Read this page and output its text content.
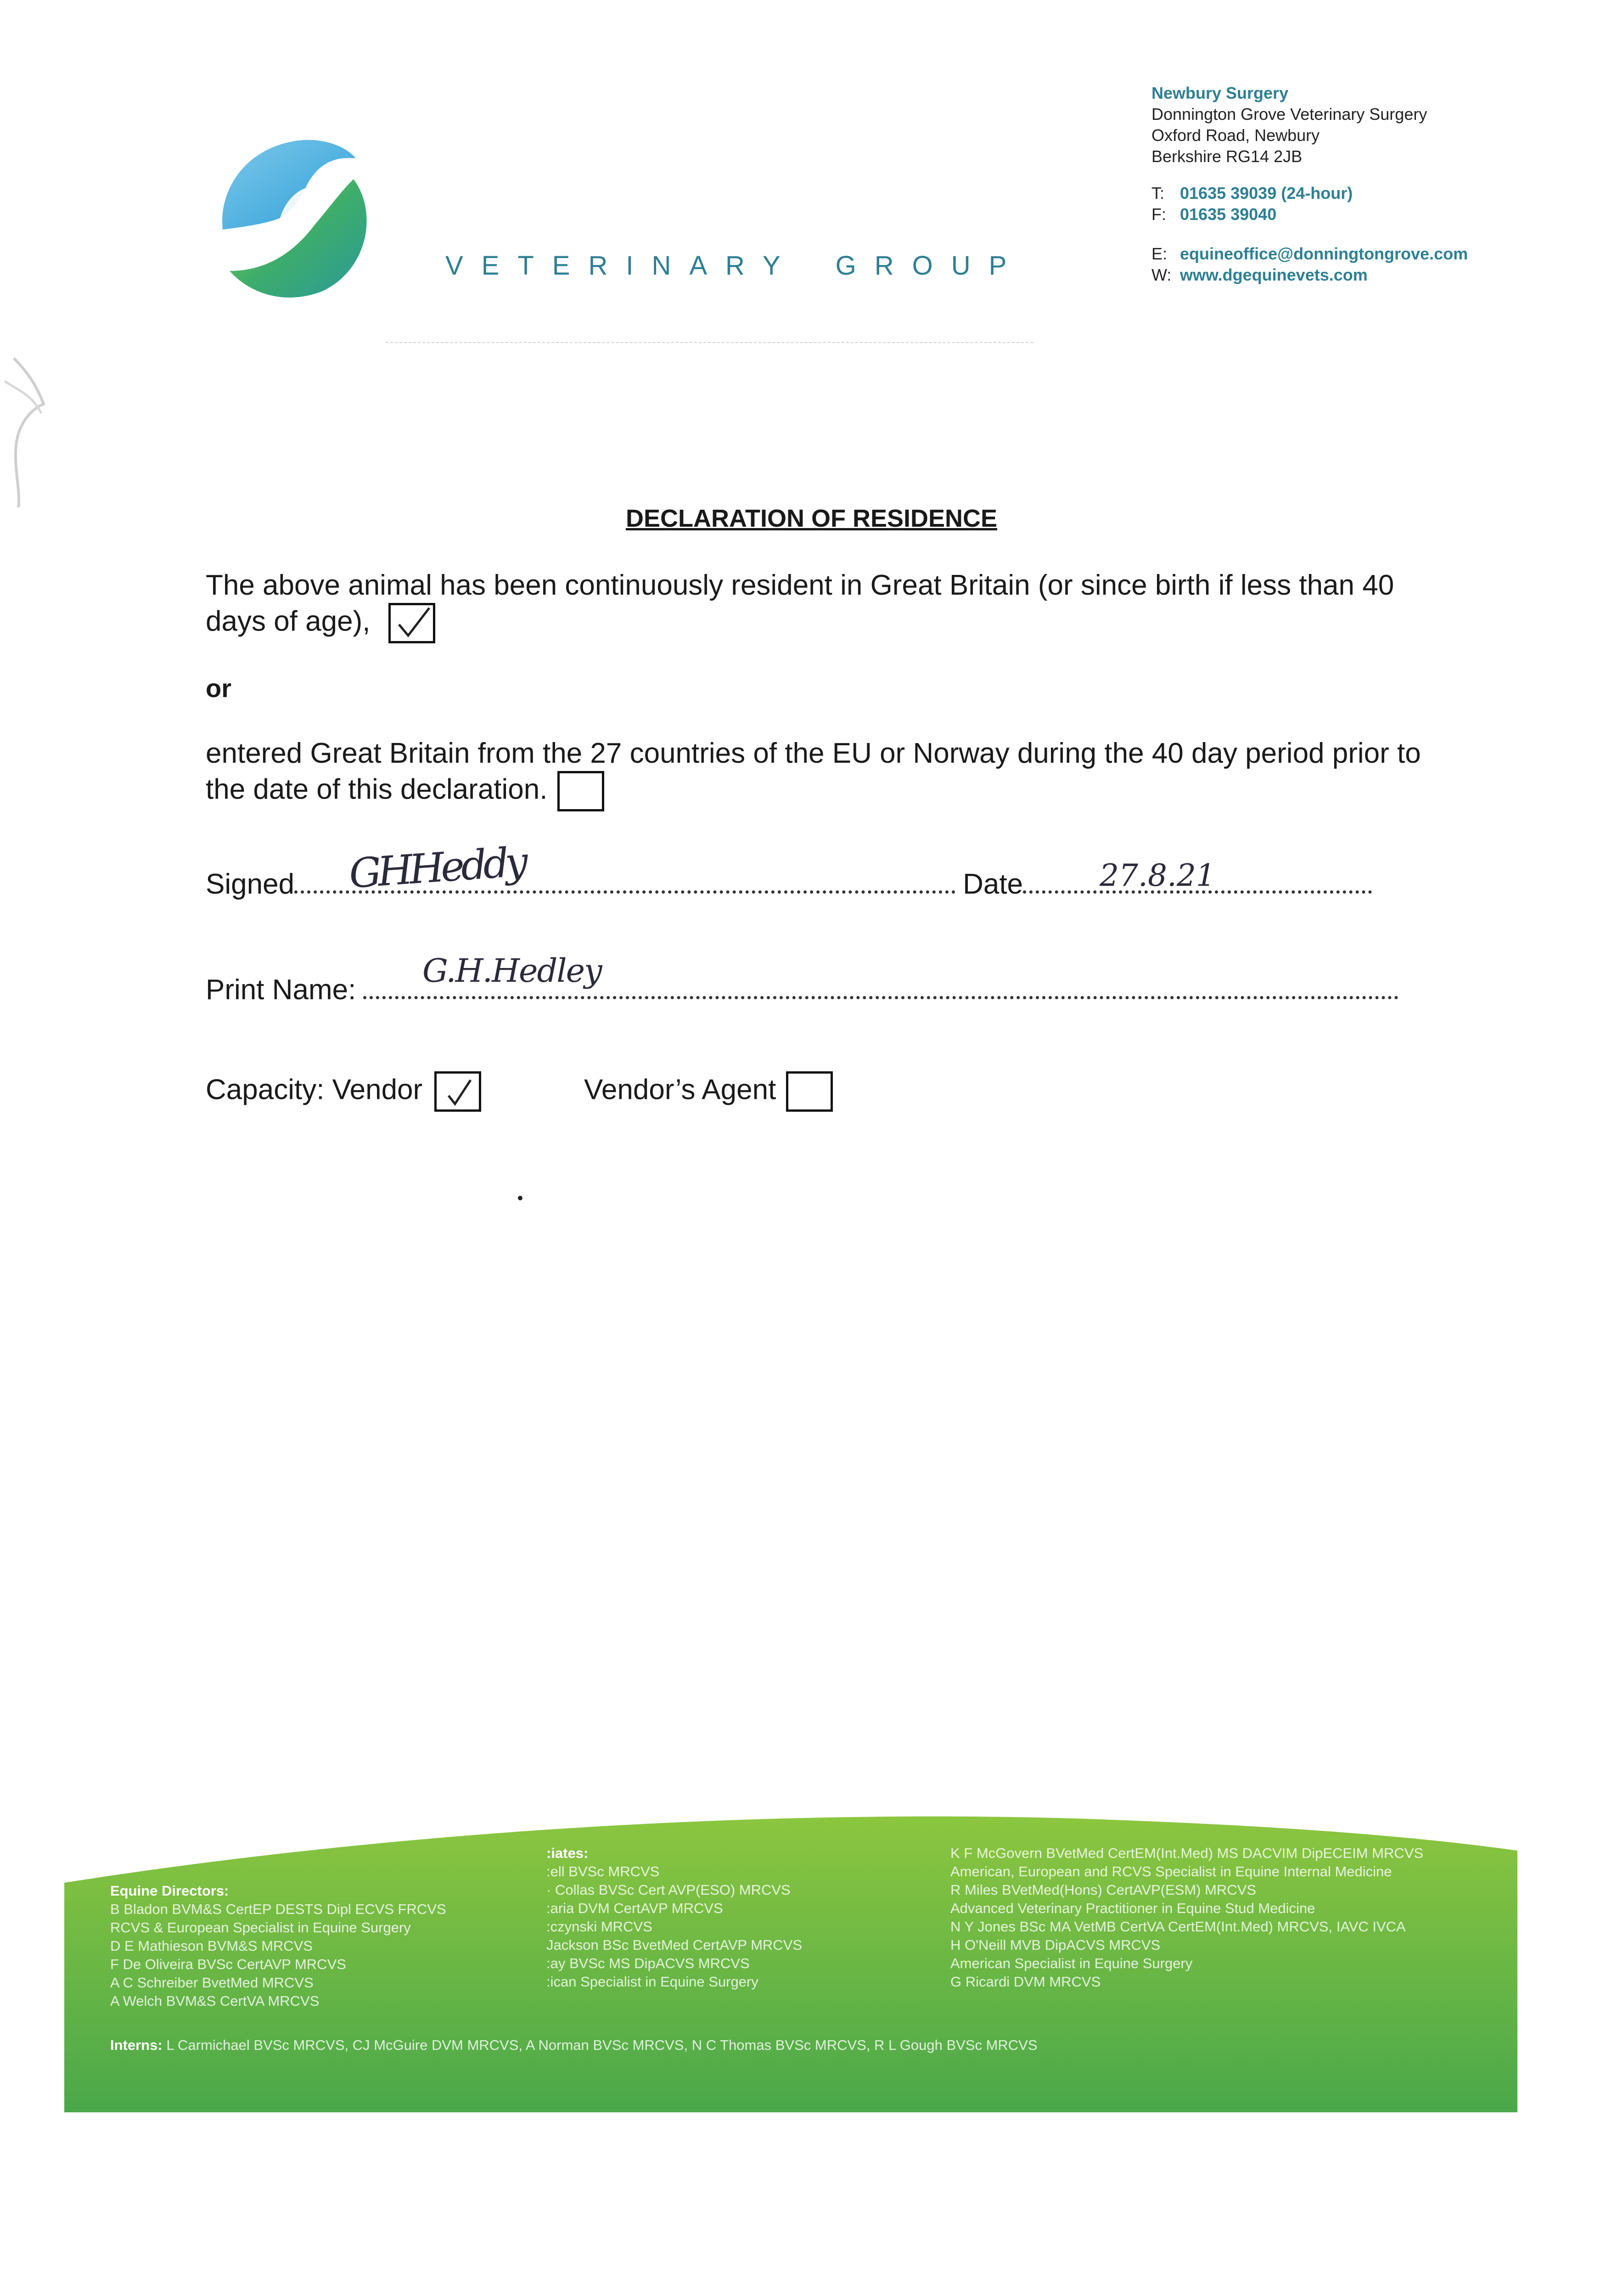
VETERINARY GROUP
Newbury Surgery
Donnington Grove Veterinary Surgery
Oxford Road, Newbury
Berkshire RG14 2JB
T: 01635 39039 (24-hour)
F: 01635 39040
E: equineoffice@donningtongrove.com
W: www.dgequinevets.com
DECLARATION OF RESIDENCE
The above animal has been continuously resident in Great Britain (or since birth if less than 40 days of age),
or
entered Great Britain from the 27 countries of the EU or Norway during the 40 day period prior to the date of this declaration.
Signed	Date
GHHeddy	27.8.21
Print Name:
G.H.Hedley
Capacity: Vendor	Vendor’s Agent
Equine Directors:
B Bladon BVM&S CertEP DESTS Dipl ECVS FRCVS
RCVS & European Specialist in Equine Surgery
D E Mathieson BVM&S MRCVS
F De Oliveira BVSc CertAVP MRCVS
A C Schreiber BvetMed MRCVS
A Welch BVM&S CertVA MRCVS
:iates:
:ell BVSc MRCVS
· Collas BVSc Cert AVP(ESO) MRCVS
:aria DVM CertAVP MRCVS
:czynski MRCVS
Jackson BSc BvetMed CertAVP MRCVS
:ay BVSc MS DipACVS MRCVS
:ican Specialist in Equine Surgery
K F McGovern BVetMed CertEM(Int.Med) MS DACVIM DipECEIM MRCVS
American, European and RCVS Specialist in Equine Internal Medicine
R Miles BVetMed(Hons) CertAVP(ESM) MRCVS
Advanced Veterinary Practitioner in Equine Stud Medicine
N Y Jones BSc MA VetMB CertVA CertEM(Int.Med) MRCVS, IAVC IVCA
H O'Neill MVB DipACVS MRCVS
American Specialist in Equine Surgery
G Ricardi DVM MRCVS
Interns: L Carmichael BVSc MRCVS, CJ McGuire DVM MRCVS, A Norman BVSc MRCVS, N C Thomas BVSc MRCVS, R L Gough BVSc MRCVS
